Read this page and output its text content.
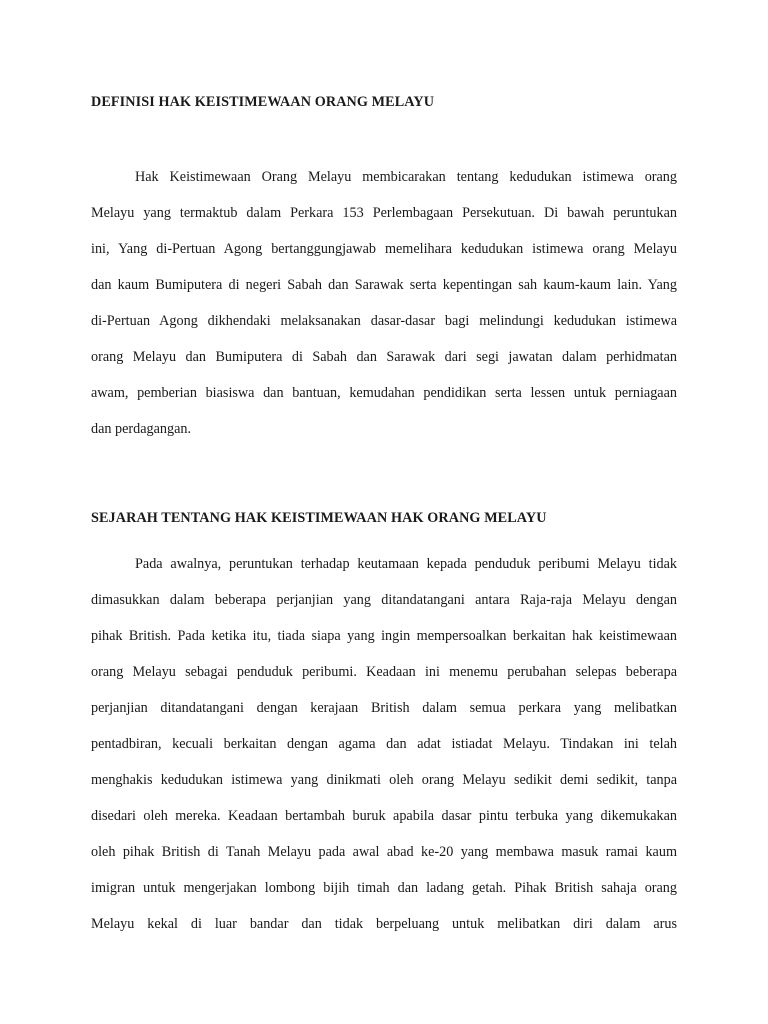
DEFINISI HAK KEISTIMEWAAN ORANG MELAYU
Hak Keistimewaan Orang Melayu membicarakan tentang kedudukan istimewa orang
Melayu yang termaktub dalam Perkara 153 Perlembagaan Persekutuan. Di bawah peruntukan
ini, Yang di-Pertuan Agong bertanggungjawab memelihara kedudukan istimewa orang Melayu
dan kaum Bumiputera di negeri Sabah dan Sarawak serta kepentingan sah kaum-kaum lain. Yang
di-Pertuan Agong dikhendaki melaksanakan dasar-dasar bagi melindungi kedudukan istimewa
orang Melayu dan Bumiputera di Sabah dan Sarawak dari segi jawatan dalam perhidmatan
awam, pemberian biasiswa dan bantuan, kemudahan pendidikan serta lessen untuk perniagaan
dan perdagangan.
SEJARAH TENTANG HAK KEISTIMEWAAN HAK ORANG MELAYU
Pada awalnya, peruntukan terhadap keutamaan kepada penduduk peribumi Melayu tidak
dimasukkan dalam beberapa perjanjian yang ditandatangani antara Raja-raja Melayu dengan
pihak British. Pada ketika itu, tiada siapa yang ingin mempersoalkan berkaitan hak keistimewaan
orang Melayu sebagai penduduk peribumi. Keadaan ini menemu perubahan selepas beberapa
perjanjian ditandatangani dengan kerajaan British dalam semua perkara yang melibatkan
pentadbiran, kecuali berkaitan dengan agama dan adat istiadat Melayu. Tindakan ini telah
menghakis kedudukan istimewa yang dinikmati oleh orang Melayu sedikit demi sedikit, tanpa
disedari oleh mereka. Keadaan bertambah buruk apabila dasar pintu terbuka yang dikemukakan
oleh pihak British di Tanah Melayu pada awal abad ke-20 yang membawa masuk ramai kaum
imigran untuk mengerjakan lombong bijih timah dan ladang getah. Pihak British sahaja orang
Melayu kekal di luar bandar dan tidak berpeluang untuk melibatkan diri dalam arus
